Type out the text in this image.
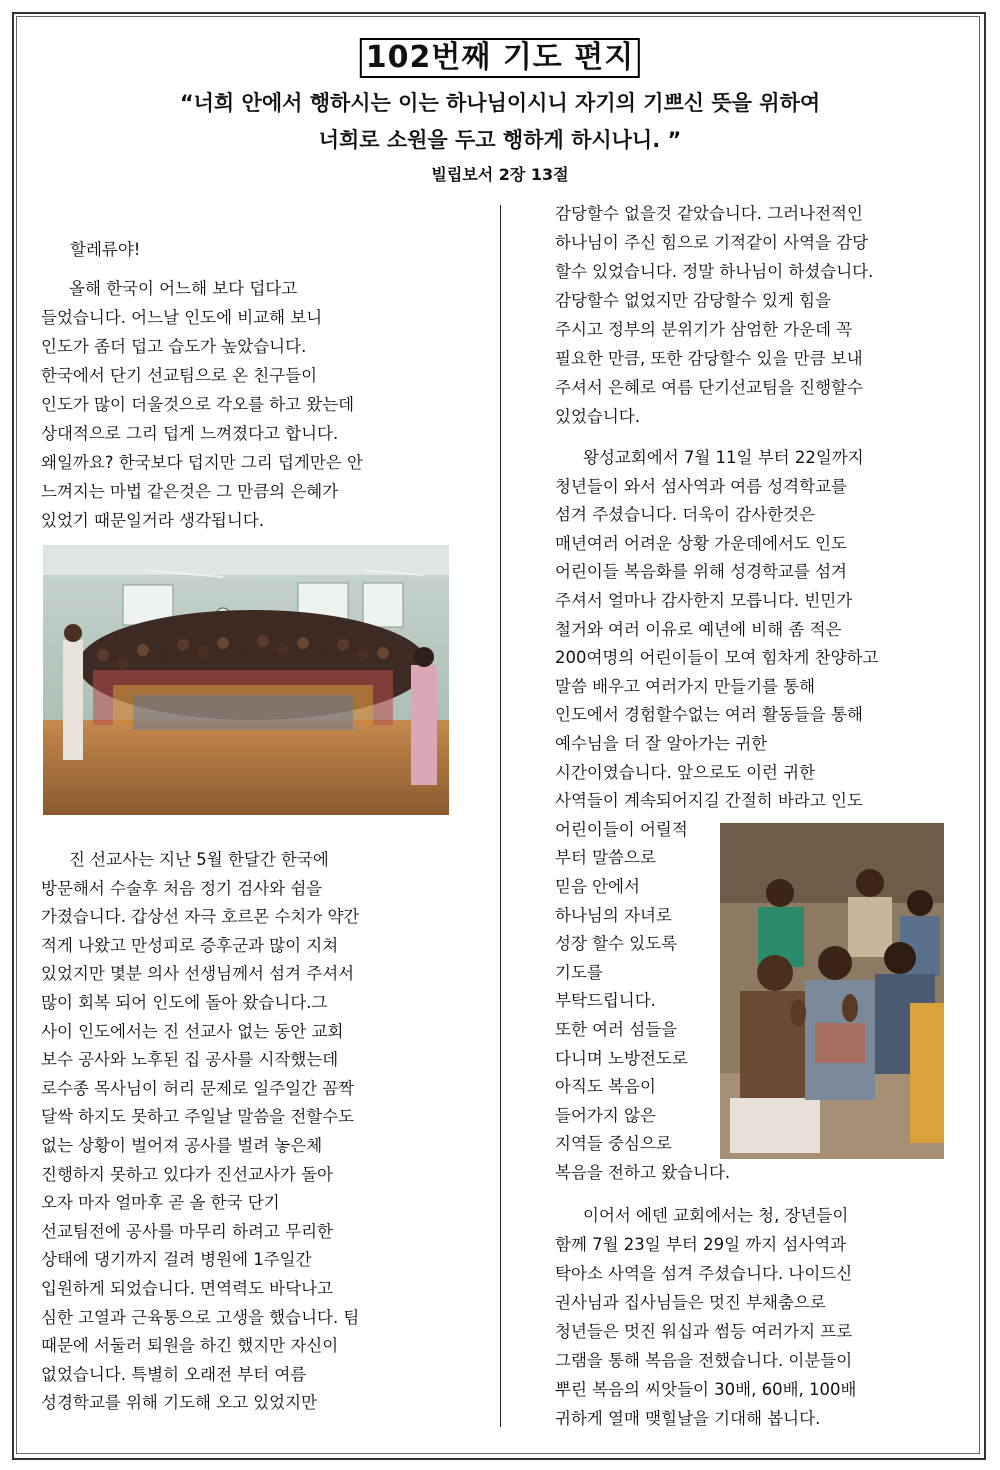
102번째 기도 편지
“너희 안에서 행하시는 이는 하나님이시니 자기의 기쁘신 뜻을 위하여
너희로 소원을 두고 행하게 하시나니. ”
빌립보서 2장 13절
할레류야!
올해 한국이 어느해 보다 덥다고
들었습니다. 어느날 인도에 비교해 보니
인도가 좀더 덥고 습도가 높았습니다.
한국에서 단기 선교팀으로 온 친구들이
인도가 많이 더울것으로 각오를 하고 왔는데
상대적으로 그리 덥게 느껴졌다고 합니다.
왜일까요? 한국보다 덥지만 그리 덥게만은 안
느껴지는 마법 같은것은 그 만큼의 은혜가
있었기 때문일거라 생각됩니다.
진 선교사는 지난 5월 한달간 한국에
방문해서 수술후 처음 정기 검사와 쉼을
가졌습니다. 갑상선 자극 호르몬 수치가 약간
적게 나왔고 만성피로 증후군과 많이 지쳐
있었지만 몇분 의사 선생님께서 섬겨 주셔서
많이 회복 되어 인도에 돌아 왔습니다.그
사이 인도에서는 진 선교사 없는 동안 교회
보수 공사와 노후된 집 공사를 시작했는데
로수종 목사님이 허리 문제로 일주일간 꼼짝
달싹 하지도 못하고 주일날 말씀을 전할수도
없는 상황이 벌어져 공사를 벌려 놓은체
진행하지 못하고 있다가 진선교사가 돌아
오자 마자 얼마후 곧 올 한국 단기
선교팀전에 공사를 마무리 하려고 무리한
상태에 댕기까지 걸려 병원에 1주일간
입원하게 되었습니다. 면역력도 바닥나고
심한 고열과 근육통으로 고생을 했습니다. 팀
때문에 서둘러 퇴원을 하긴 했지만 자신이
없었습니다. 특별히 오래전 부터 여름
성경학교를 위해 기도해 오고 있었지만
감당할수 없을것 같았습니다. 그러나전적인
하나님이 주신 힘으로 기적같이 사역을 감당
할수 있었습니다. 정말 하나님이 하셨습니다.
감당할수 없었지만 감당할수 있게 힘을
주시고 정부의 분위기가 삼엄한 가운데 꼭
필요한 만큼, 또한 감당할수 있을 만큼 보내
주셔서 은혜로 여름 단기선교팀을 진행할수
있었습니다.
왕성교회에서 7월 11일 부터 22일까지
청년들이 와서 섬사역과 여름 성격학교를
섬겨 주셨습니다. 더욱이 감사한것은
매년여러 어려운 상황 가운데에서도 인도
어린이들 복음화를 위해 성경학교를 섬겨
주셔서 얼마나 감사한지 모릅니다. 빈민가
철거와 여러 이유로 예년에 비해 좀 적은
200여명의 어린이들이 모여 힘차게 찬양하고
말씀 배우고 여러가지 만들기를 통해
인도에서 경험할수없는 여러 활동들을 통해
예수님을 더 잘 알아가는 귀한
시간이였습니다. 앞으로도 이런 귀한
사역들이 계속되어지길 간절히 바라고 인도
어린이들이 어릴적
부터 말씀으로
믿음 안에서
하나님의 자녀로
성장 할수 있도록
기도를
부탁드립니다.
또한 여러 섬들을
다니며 노방전도로
아직도 복음이
들어가지 않은
지역들 중심으로
복음을 전하고 왔습니다.
이어서 에덴 교회에서는 청, 장년들이
함께 7월 23일 부터 29일 까지 섬사역과
탁아소 사역을 섬겨 주셨습니다. 나이드신
권사님과 집사님들은 멋진 부채춤으로
청년들은 멋진 워십과 썸등 여러가지 프로
그램을 통해 복음을 전했습니다. 이분들이
뿌린 복음의 씨앗들이 30배, 60배, 100배
귀하게 열매 맺힐날을 기대해 봅니다.
